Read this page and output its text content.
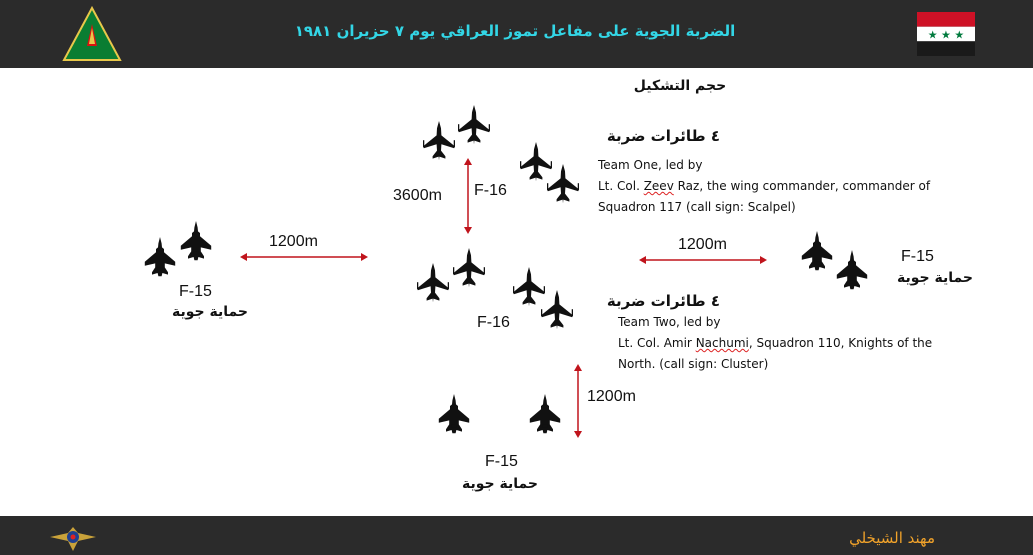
الضربة الجوية على مفاعل تموز العراقي يوم ٧ حزيران ١٩٨١	★ ★ ★
حجم التشكيل
٤ طائرات ضربة
Team One, led by
Lt. Col. Zeev Raz, the wing commander, commander of
Squadron 117 (call sign: Scalpel)
٤ طائرات ضربة
Team Two, led by
Lt. Col. Amir Nachumi, Squadron 110, Knights of the
North. (call sign: Cluster)
F-16
3600m
1200m	1200m
F-16
1200m
F-15
حماية جوية
F-15
حماية جوية
F-15
حماية جوية
مهند الشيخلي
